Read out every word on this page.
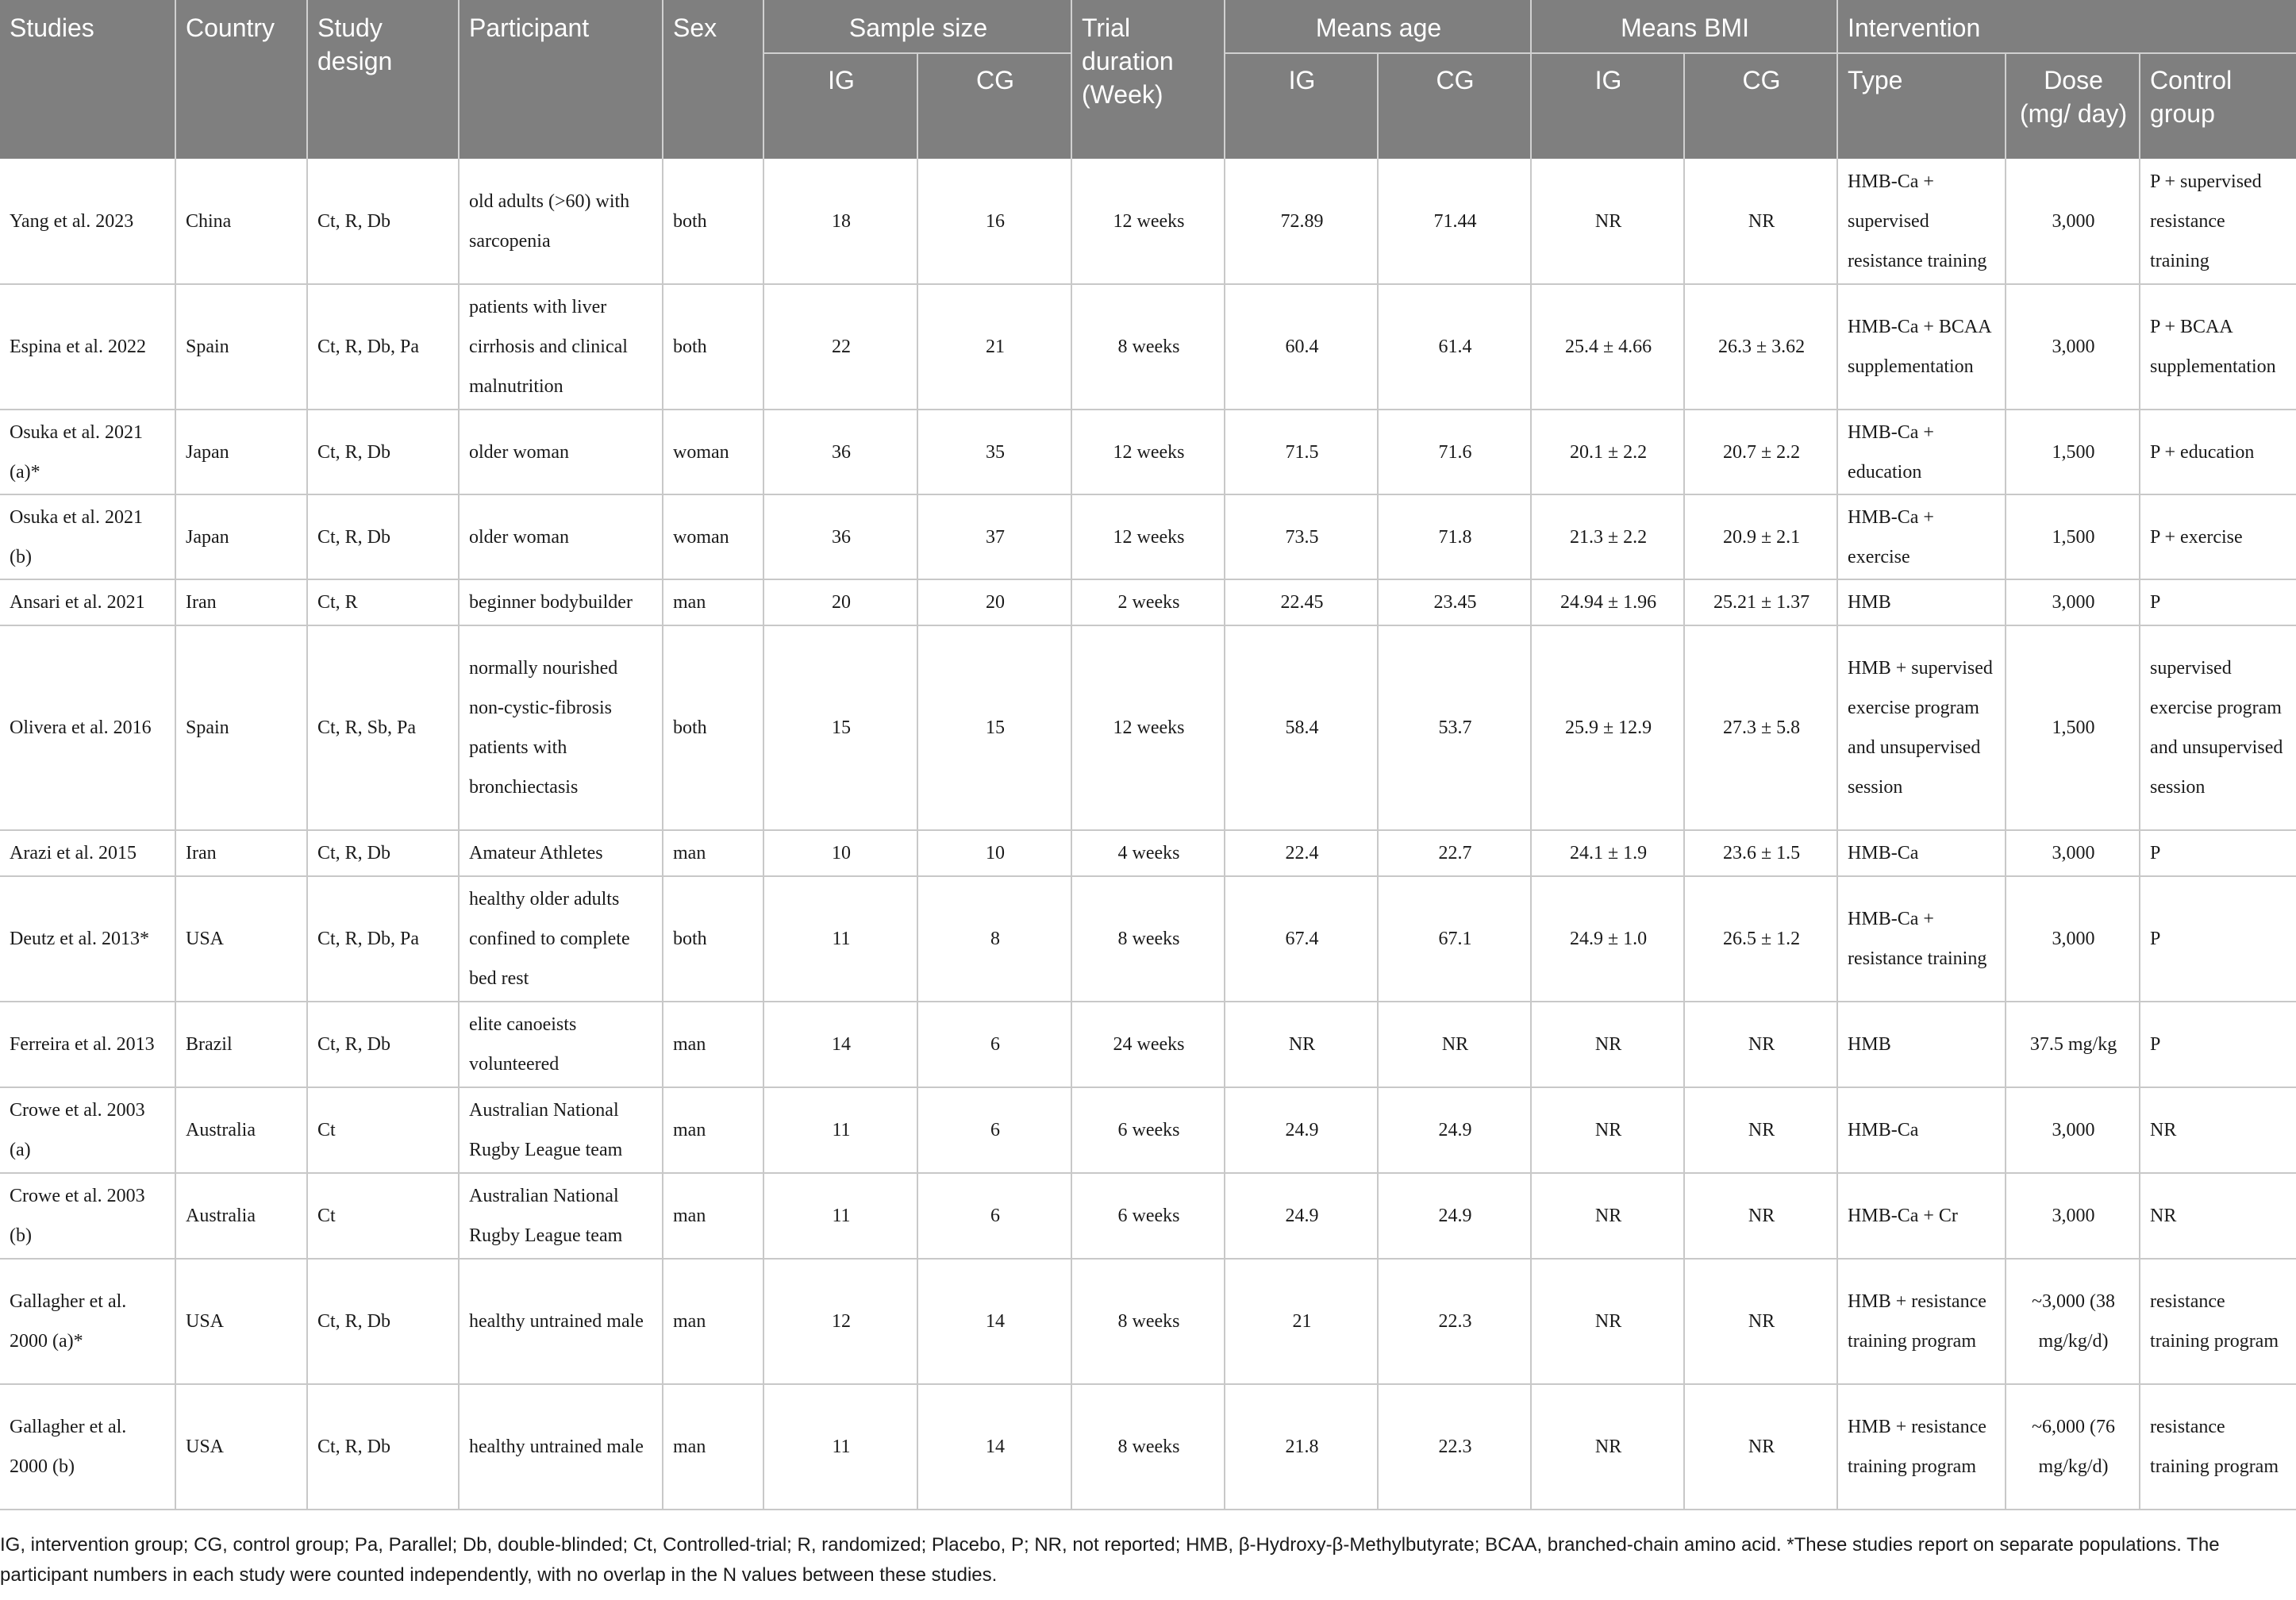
Studies	Country	Study design	Participant	Sex	Sample size		Trial duration (Week)	Means age		Means BMI		Intervention		
					IG	CG		IG	CG	IG	CG	Type	Dose (mg/ day)	Control group
Yang et al. 2023	China	Ct, R, Db	old adults (>60) with sarcopenia	both	18	16	12 weeks	72.89	71.44	NR	NR	HMB-Ca + supervised resistance training	3,000	P + supervised resistance training
Espina et al. 2022	Spain	Ct, R, Db, Pa	patients with liver cirrhosis and clinical malnutrition	both	22	21	8 weeks	60.4	61.4	25.4 ± 4.66	26.3 ± 3.62	HMB-Ca + BCAA supplementation	3,000	P + BCAA supplementation
Osuka et al. 2021 (a)*	Japan	Ct, R, Db	older woman	woman	36	35	12 weeks	71.5	71.6	20.1 ± 2.2	20.7 ± 2.2	HMB-Ca + education	1,500	P + education
Osuka et al. 2021 (b)	Japan	Ct, R, Db	older woman	woman	36	37	12 weeks	73.5	71.8	21.3 ± 2.2	20.9 ± 2.1	HMB-Ca + exercise	1,500	P + exercise
Ansari et al. 2021	Iran	Ct, R	beginner bodybuilder	man	20	20	2 weeks	22.45	23.45	24.94 ± 1.96	25.21 ± 1.37	HMB	3,000	P
Olivera et al. 2016	Spain	Ct, R, Sb, Pa	normally nourished non-cystic-fibrosis patients with bronchiectasis	both	15	15	12 weeks	58.4	53.7	25.9 ± 12.9	27.3 ± 5.8	HMB + supervised exercise program and unsupervised session	1,500	supervised exercise program and unsupervised session
Arazi et al. 2015	Iran	Ct, R, Db	Amateur Athletes	man	10	10	4 weeks	22.4	22.7	24.1 ± 1.9	23.6 ± 1.5	HMB-Ca	3,000	P
Deutz et al. 2013*	USA	Ct, R, Db, Pa	healthy older adults confined to complete bed rest	both	11	8	8 weeks	67.4	67.1	24.9 ± 1.0	26.5 ± 1.2	HMB-Ca + resistance training	3,000	P
Ferreira et al. 2013	Brazil	Ct, R, Db	elite canoeists volunteered	man	14	6	24 weeks	NR	NR	NR	NR	HMB	37.5 mg/kg	P
Crowe et al. 2003 (a)	Australia	Ct	Australian National Rugby League team	man	11	6	6 weeks	24.9	24.9	NR	NR	HMB-Ca	3,000	NR
Crowe et al. 2003 (b)	Australia	Ct	Australian National Rugby League team	man	11	6	6 weeks	24.9	24.9	NR	NR	HMB-Ca + Cr	3,000	NR
Gallagher et al. 2000 (a)*	USA	Ct, R, Db	healthy untrained male	man	12	14	8 weeks	21	22.3	NR	NR	HMB + resistance training program	~3,000 (38 mg/kg/d)	resistance training program
Gallagher et al. 2000 (b)	USA	Ct, R, Db	healthy untrained male	man	11	14	8 weeks	21.8	22.3	NR	NR	HMB + resistance training program	~6,000 (76 mg/kg/d)	resistance training program
IG, intervention group; CG, control group; Pa, Parallel; Db, double-blinded; Ct, Controlled-trial; R, randomized; Placebo, P; NR, not reported; HMB, β-Hydroxy-β-Methylbutyrate; BCAA, branched-chain amino acid. *These studies report on separate populations. The participant numbers in each study were counted independently, with no overlap in the N values between these studies.
